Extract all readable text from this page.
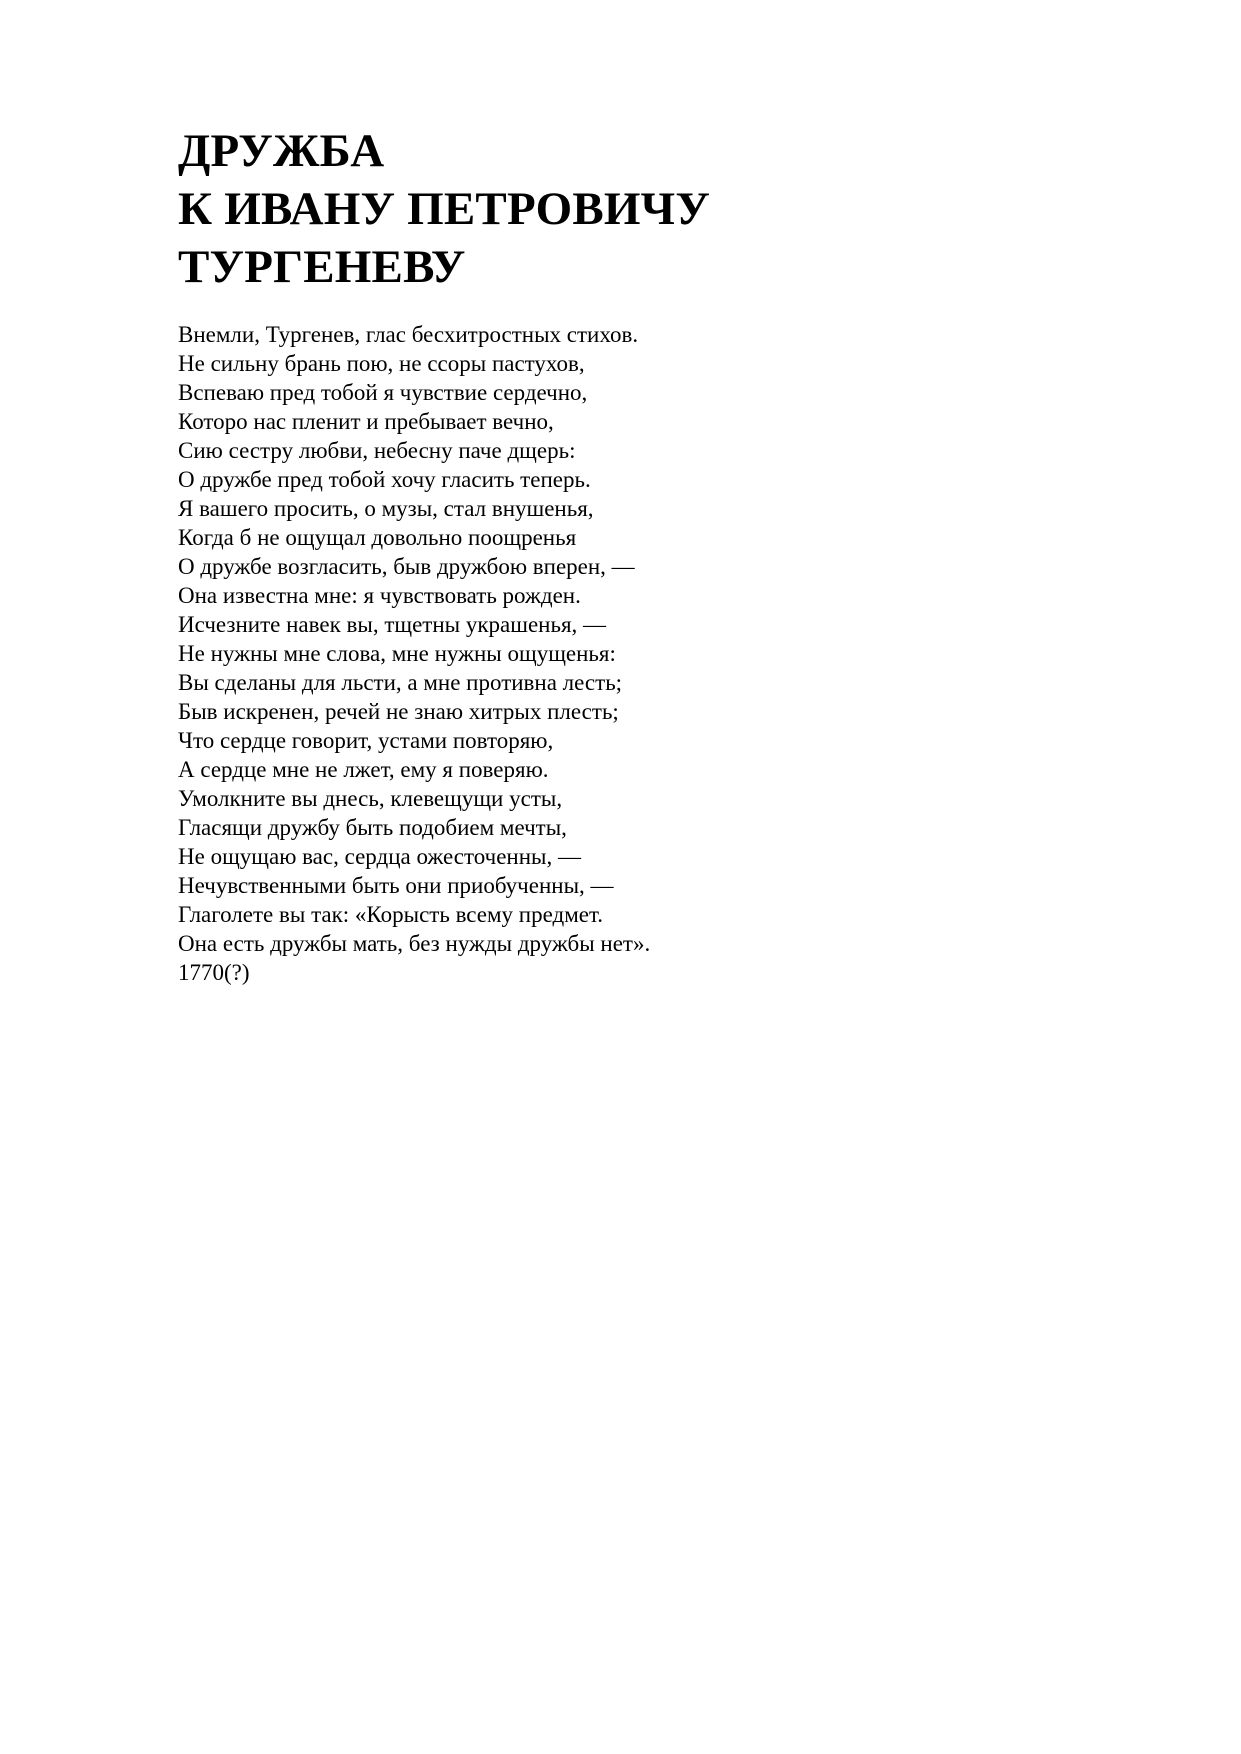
ДРУЖБА
К ИВАНУ ПЕТРОВИЧУ
ТУРГЕНЕВУ
Внемли, Тургенев, глас бесхитростных стихов.
Не сильну брань пою, не ссоры пастухов,
Вспеваю пред тобой я чувствие сердечно,
Которо нас пленит и пребывает вечно,
Сию сестру любви, небесну паче дщерь:
О дружбе пред тобой хочу гласить теперь.
Я вашего просить, о музы, стал внушенья,
Когда б не ощущал довольно поощренья
О дружбе возгласить, быв дружбою вперен, —
Она известна мне: я чувствовать рожден.
Исчезните навек вы, тщетны украшенья, —
Не нужны мне слова, мне нужны ощущенья:
Вы сделаны для льсти, а мне противна лесть;
Быв искренен, речей не знаю хитрых плесть;
Что сердце говорит, устами повторяю,
А сердце мне не лжет, ему я поверяю.
Умолкните вы днесь, клевещущи усты,
Гласящи дружбу быть подобием мечты,
Не ощущаю вас, сердца ожесточенны, —
Нечувственными быть они приобученны, —
Глаголете вы так: «Корысть всему предмет.
Она есть дружбы мать, без нужды дружбы нет».
1770(?)
